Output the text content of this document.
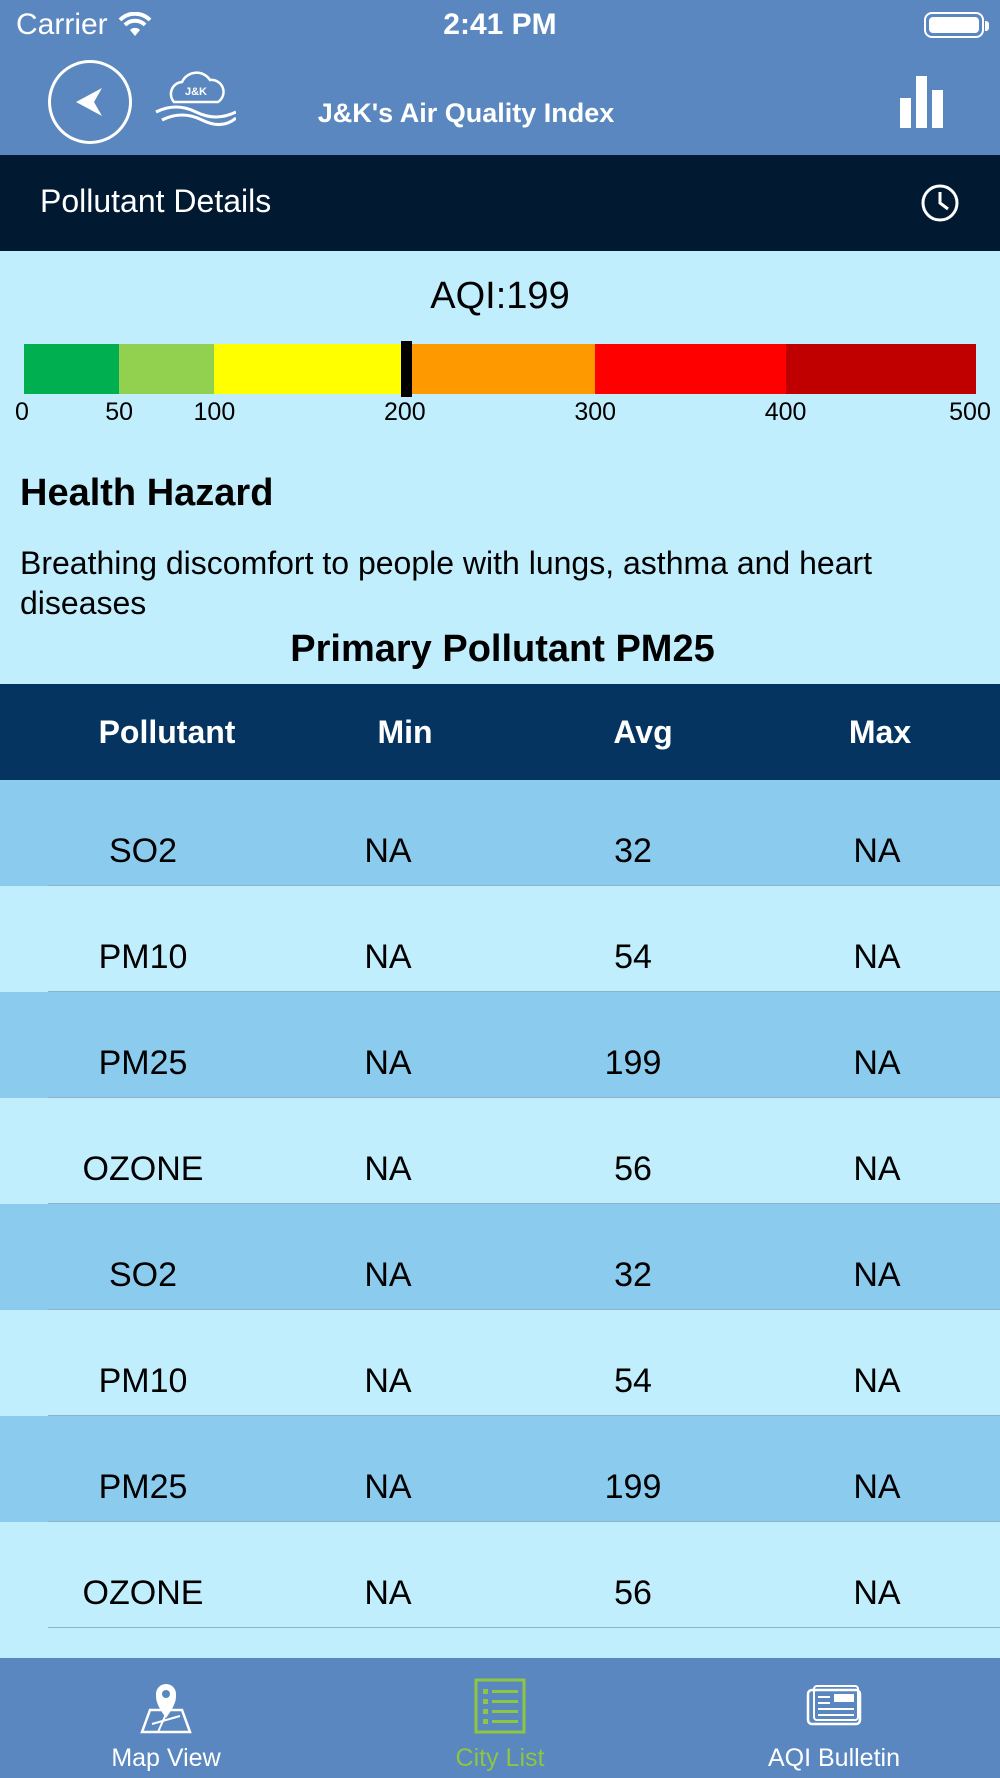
Carrier	2:41 PM
J&K
J&K's Air Quality Index
Pollutant Details
AQI:199
0	50 100	200	300	400	500
Health Hazard
Breathing discomfort to people with lungs, asthma and heart diseases
Primary Pollutant PM25
Pollutant	Min	Avg	Max
SO2	NA	32	NA
PM10	NA	54	NA
PM25	NA	199	NA
OZONE	NA	56	NA
SO2	NA	32	NA
PM10	NA	54	NA
PM25	NA	199	NA
OZONE	NA	56	NA
Map View	City List	AQI Bulletin
